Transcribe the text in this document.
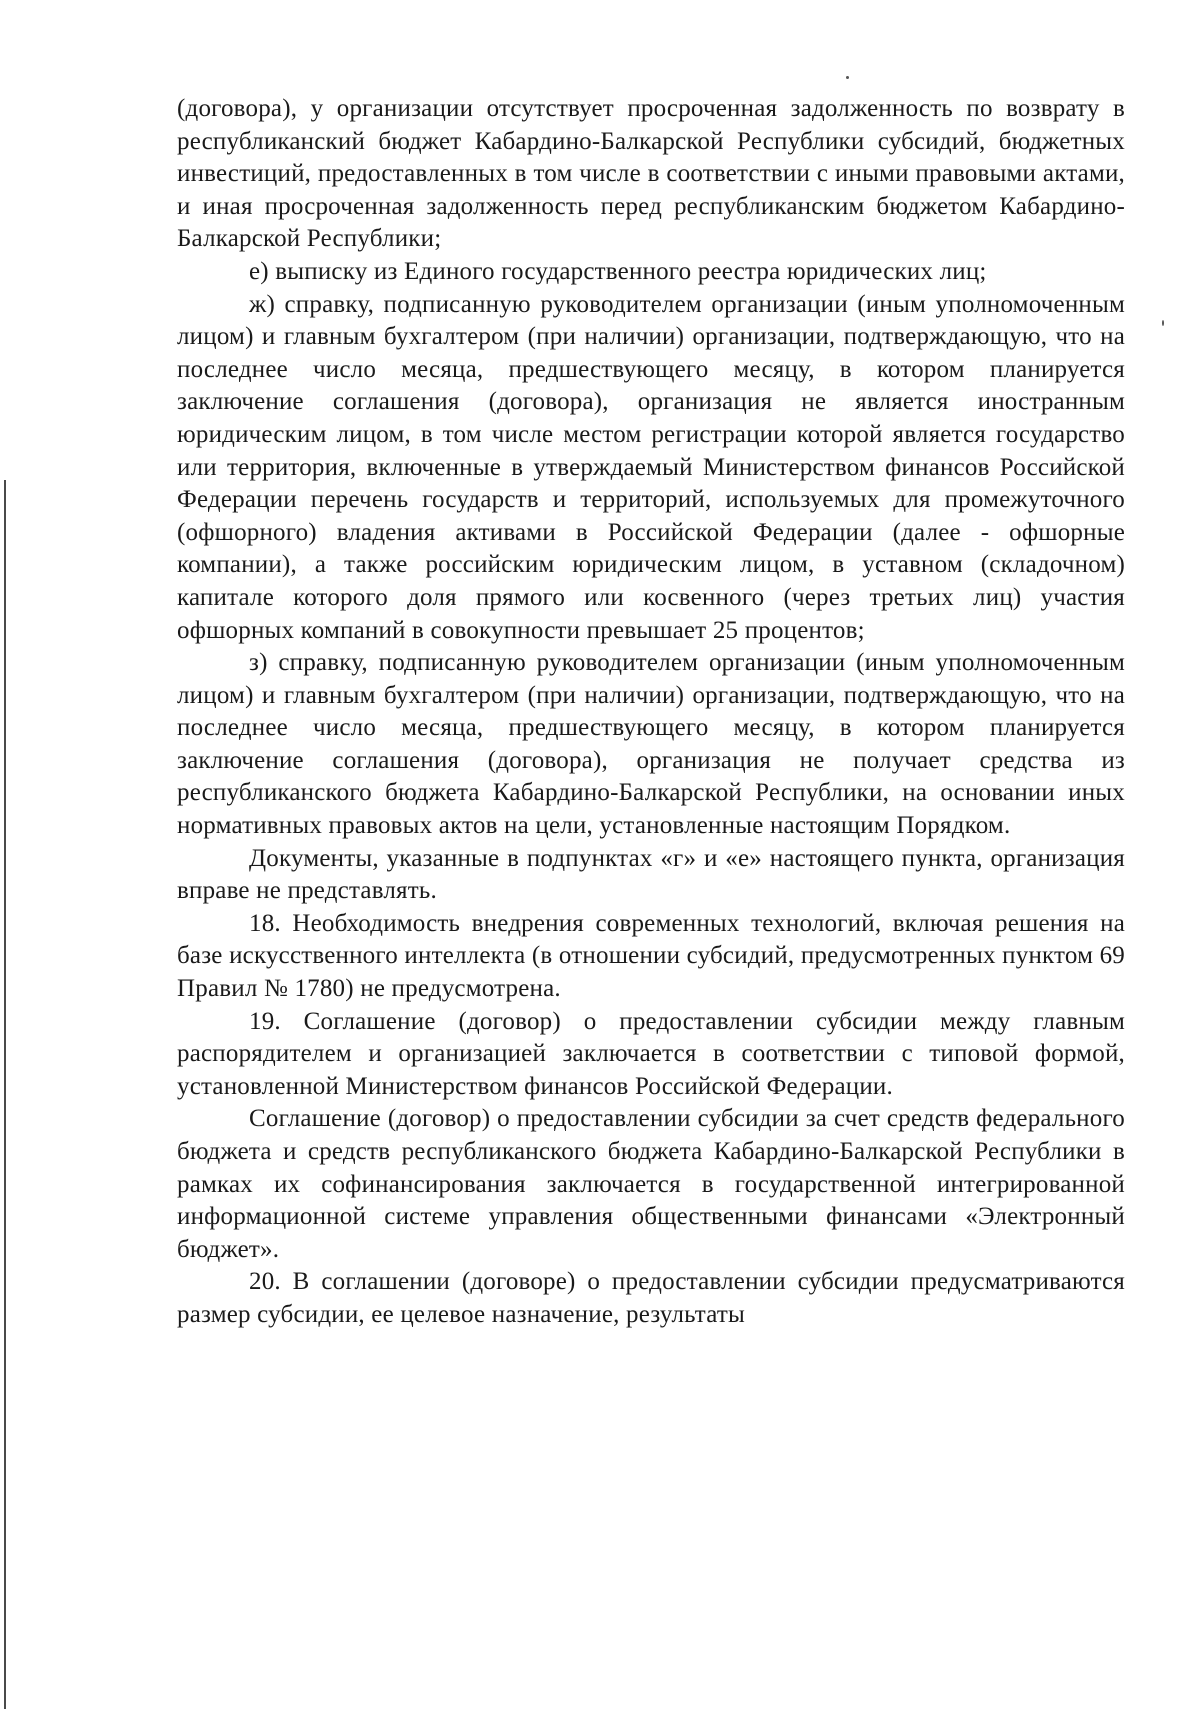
(договора), у организации отсутствует просроченная задолженность по возврату в республиканский бюджет Кабардино-Балкарской Республики субсидий, бюджетных инвестиций, предоставленных в том числе в соответствии с иными правовыми актами, и иная просроченная задолженность перед республиканским бюджетом Кабардино-Балкарской Республики;

е) выписку из Единого государственного реестра юридических лиц;

ж) справку, подписанную руководителем организации (иным уполномоченным лицом) и главным бухгалтером (при наличии) организации, подтверждающую, что на последнее число месяца, предшествующего месяцу, в котором планируется заключение соглашения (договора), организация не является иностранным юридическим лицом, в том числе местом регистрации которой является государство или территория, включенные в утверждаемый Министерством финансов Российской Федерации перечень государств и территорий, используемых для промежуточного (офшорного) владения активами в Российской Федерации (далее - офшорные компании), а также российским юридическим лицом, в уставном (складочном) капитале которого доля прямого или косвенного (через третьих лиц) участия офшорных компаний в совокупности превышает 25 процентов;

з) справку, подписанную руководителем организации (иным уполномоченным лицом) и главным бухгалтером (при наличии) организации, подтверждающую, что на последнее число месяца, предшествующего месяцу, в котором планируется заключение соглашения (договора), организация не получает средства из республиканского бюджета Кабардино-Балкарской Республики, на основании иных нормативных правовых актов на цели, установленные настоящим Порядком.

Документы, указанные в подпунктах «г» и «е» настоящего пункта, организация вправе не представлять.

18. Необходимость внедрения современных технологий, включая решения на базе искусственного интеллекта (в отношении субсидий, предусмотренных пунктом 69 Правил № 1780) не предусмотрена.

19. Соглашение (договор) о предоставлении субсидии между главным распорядителем и организацией заключается в соответствии с типовой формой, установленной Министерством финансов Российской Федерации.

Соглашение (договор) о предоставлении субсидии за счет средств федерального бюджета и средств республиканского бюджета Кабардино-Балкарской Республики в рамках их софинансирования заключается в государственной интегрированной информационной системе управления общественными финансами «Электронный бюджет».

20. В соглашении (договоре) о предоставлении субсидии предусматриваются размер субсидии, ее целевое назначение, результаты
